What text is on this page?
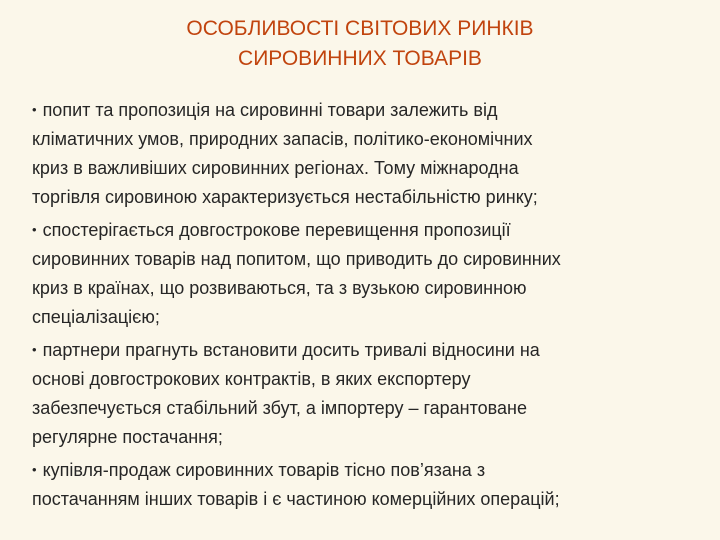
ОСОБЛИВОСТІ СВІТОВИХ РИНКІВ
СИРОВИННИХ ТОВАРІВ
• попит та пропозиція на сировинні товари залежить від
кліматичних умов, природних запасів, політико-економічних
криз в важливіших сировинних регіонах. Тому міжнародна
торгівля сировиною характеризується нестабільністю ринку;
• спостерігається довгострокове перевищення пропозиції
сировинних товарів над попитом, що приводить до сировинних
криз в країнах, що розвиваються, та з вузькою сировинною
спеціалізацією;
• партнери прагнуть встановити досить тривалі відносини на
основі довгострокових контрактів, в яких експортеру
забезпечується стабільний збут, а імпортеру – гарантоване
регулярне постачання;
• купівля-продаж сировинних товарів тісно пов’язана з
постачанням інших товарів і є частиною комерційних операцій;
